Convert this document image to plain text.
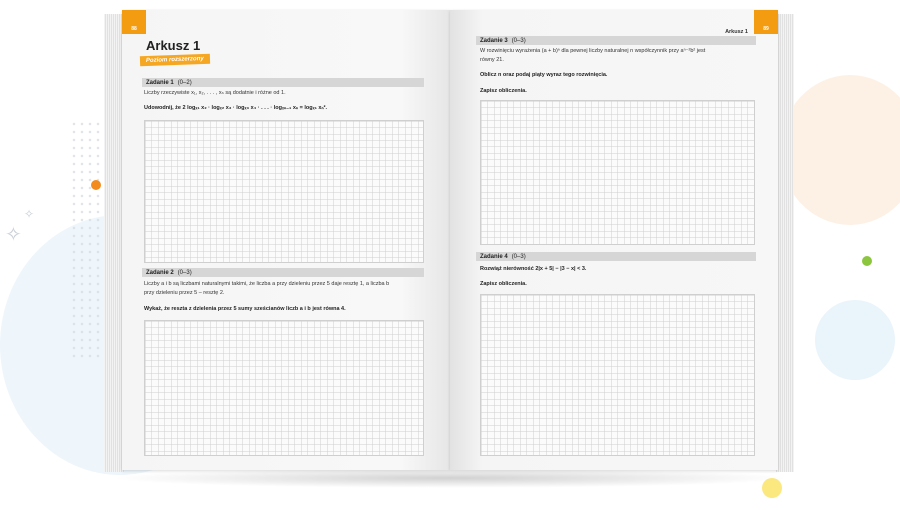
✧
✧
88
Arkusz 1
Poziom rozszerzony
Zadanie 1 (0–2)
Liczby rzeczywiste x₁, x₂, . . . , xₙ są dodatnie i różne od 1.
Udowodnij, że 2 logₓ₁ x₂ · logₓ₂ x₃ · logₓ₃ x₄ · . . . · logₓₙ₋₁ xₙ = logₓ₁ xₙ².
Zadanie 2 (0–3)
Liczby a i b są liczbami naturalnymi takimi, że liczba a przy dzieleniu przez 5 daje resztę 1, a liczba b
przy dzieleniu przez 5 – resztę 2.
Wykaż, że reszta z dzielenia przez 5 sumy sześcianów liczb a i b jest równa 4.
89
Arkusz 1
Zadanie 3 (0–3)
W rozwinięciu wyrażenia (a + b)ⁿ dla pewnej liczby naturalnej n współczynnik przy aⁿ⁻²b² jest
równy 21.
Oblicz n oraz podaj piąty wyraz tego rozwinięcia.
Zapisz obliczenia.
Zadanie 4 (0–3)
Rozwiąż nierówność 2|x + 5| − |3 − x| < 3.
Zapisz obliczenia.
